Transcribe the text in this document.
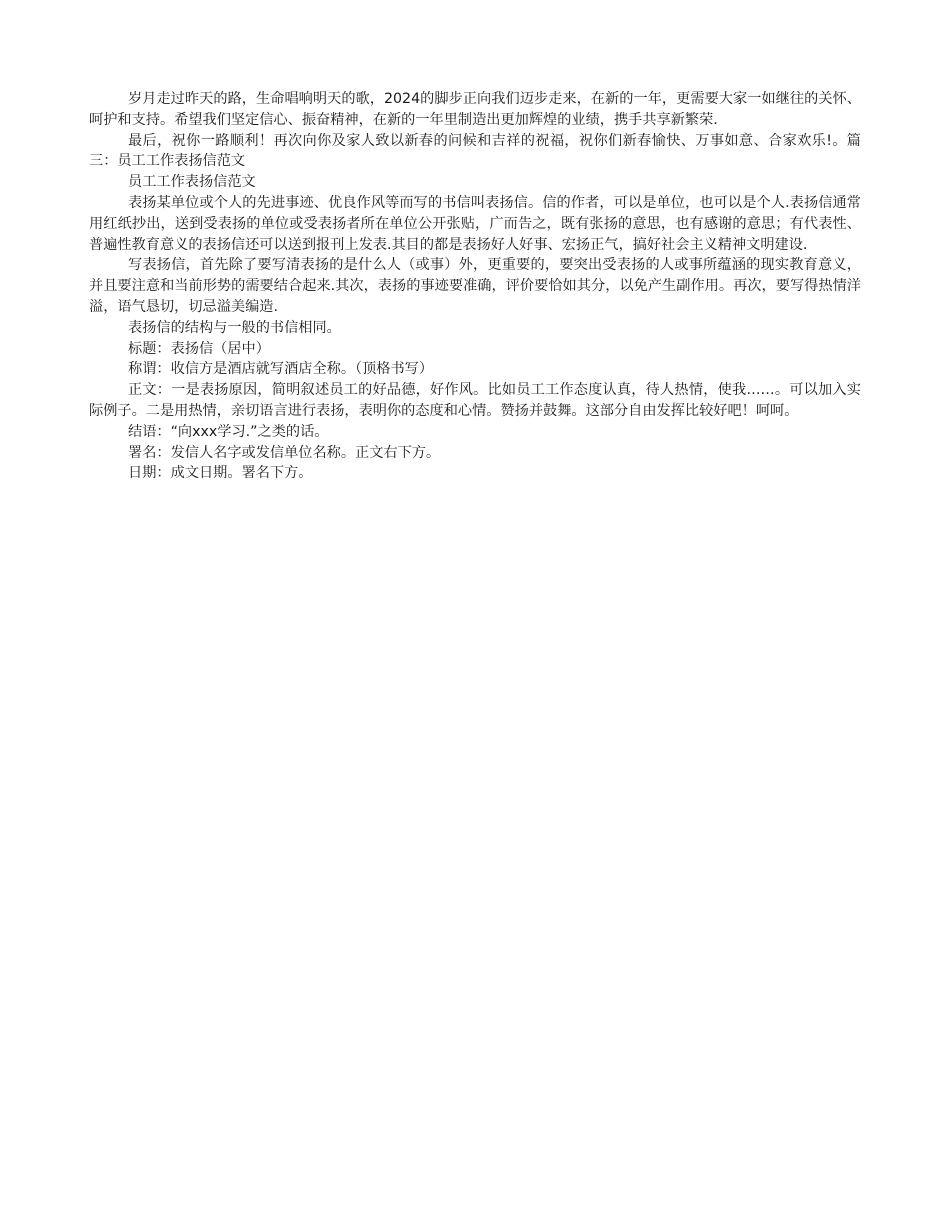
岁月走过昨天的路，生命唱响明天的歌，2024的脚步正向我们迈步走来，在新的一年，更需要大家一如继往的关怀、呵护和支持。希望我们坚定信心、振奋精神，在新的一年里制造出更加辉煌的业绩，携手共享新繁荣.

最后，祝你一路顺利！再次向你及家人致以新春的问候和吉祥的祝福，祝你们新春愉快、万事如意、合家欢乐!。篇三：员工工作表扬信范文

员工工作表扬信范文

表扬某单位或个人的先进事迹、优良作风等而写的书信叫表扬信。信的作者，可以是单位，也可以是个人.表扬信通常用红纸抄出，送到受表扬的单位或受表扬者所在单位公开张贴，广而告之，既有张扬的意思，也有感谢的意思；有代表性、普遍性教育意义的表扬信还可以送到报刊上发表.其目的都是表扬好人好事、宏扬正气，搞好社会主义精神文明建设.

写表扬信，首先除了要写清表扬的是什么人（或事）外，更重要的，要突出受表扬的人或事所蕴涵的现实教育意义，并且要注意和当前形势的需要结合起来.其次，表扬的事迹要准确，评价要恰如其分，以免产生副作用。再次，要写得热情洋溢，语气恳切，切忌溢美编造.

表扬信的结构与一般的书信相同。

标题：表扬信（居中）

称谓：收信方是酒店就写酒店全称。（顶格书写）

正文：一是表扬原因，简明叙述员工的好品德，好作风。比如员工工作态度认真，待人热情，使我……。可以加入实际例子。二是用热情，亲切语言进行表扬，表明你的态度和心情。赞扬并鼓舞。这部分自由发挥比较好吧！呵呵。

结语：“向xxx学习.”之类的话。

署名：发信人名字或发信单位名称。正文右下方。

日期：成文日期。署名下方。
